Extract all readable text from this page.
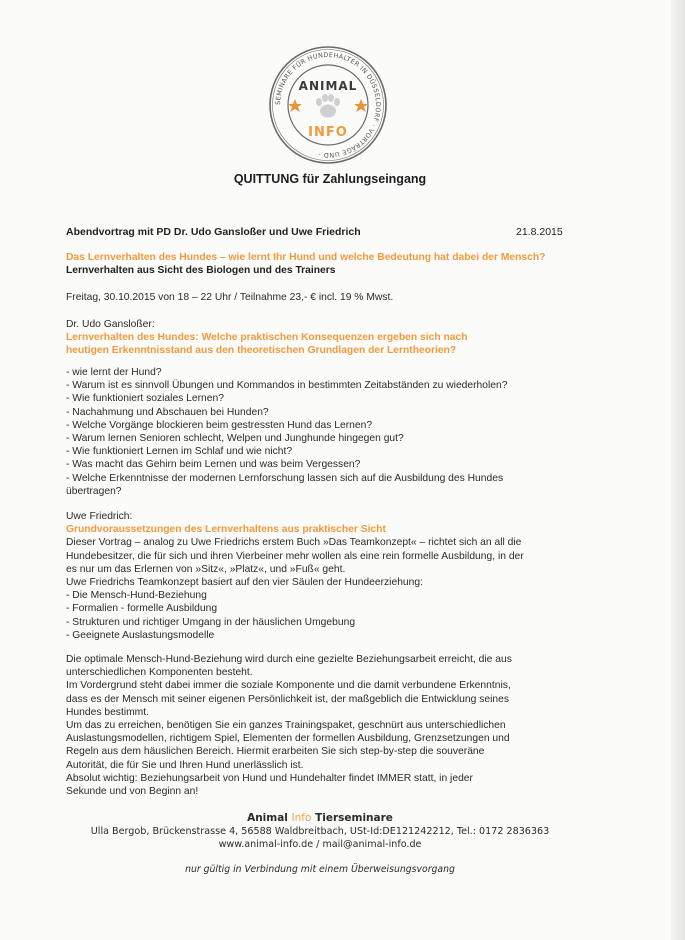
SEMINARE FÜR HUNDEHALTER IN DÜSSELDORF · VORTRÄGE UND ·
ANIMAL
INFO
QUITTUNG für Zahlungseingang
Abendvortrag mit PD Dr. Udo Gansloßer und Uwe Friedrich	21.8.2015
Das Lernverhalten des Hundes – wie lernt Ihr Hund und welche Bedeutung hat dabei der Mensch?
Lernverhalten aus Sicht des Biologen und des Trainers
Freitag, 30.10.2015 von 18 – 22 Uhr / Teilnahme 23,- € incl. 19 % Mwst.
Dr. Udo Gansloßer:
Lernverhalten des Hundes: Welche praktischen Konsequenzen ergeben sich nach
heutigen Erkenntnisstand aus den theoretischen Grundlagen der Lerntheorien?
- wie lernt der Hund?
- Warum ist es sinnvoll Übungen und Kommandos in bestimmten Zeitabständen zu wiederholen?
- Wie funktioniert soziales Lernen?
- Nachahmung und Abschauen bei Hunden?
- Welche Vorgänge blockieren beim gestressten Hund das Lernen?
- Warum lernen Senioren schlecht, Welpen und Junghunde hingegen gut?
- Wie funktioniert Lernen im Schlaf und wie nicht?
- Was macht das Gehirn beim Lernen und was beim Vergessen?
- Welche Erkenntnisse der modernen Lernforschung lassen sich auf die Ausbildung des Hundes
übertragen?
Uwe Friedrich:
Grundvoraussetzungen des Lernverhaltens aus praktischer Sicht
Dieser Vortrag – analog zu Uwe Friedrichs erstem Buch »Das Teamkonzept« – richtet sich an all die
Hundebesitzer, die für sich und ihren Vierbeiner mehr wollen als eine rein formelle Ausbildung, in der
es nur um das Erlernen von »Sitz«, »Platz«, und »Fuß« geht.
Uwe Friedrichs Teamkonzept basiert auf den vier Säulen der Hundeerziehung:
- Die Mensch-Hund-Beziehung
- Formalien - formelle Ausbildung
- Strukturen und richtiger Umgang in der häuslichen Umgebung
- Geeignete Auslastungsmodelle
Die optimale Mensch-Hund-Beziehung wird durch eine gezielte Beziehungsarbeit erreicht, die aus
unterschiedlichen Komponenten besteht.
Im Vordergrund steht dabei immer die soziale Komponente und die damit verbundene Erkenntnis,
dass es der Mensch mit seiner eigenen Persönlichkeit ist, der maßgeblich die Entwicklung seines
Hundes bestimmt.
Um das zu erreichen, benötigen Sie ein ganzes Trainingspaket, geschnürt aus unterschiedlichen
Auslastungsmodellen, richtigem Spiel, Elementen der formellen Ausbildung, Grenzsetzungen und
Regeln aus dem häuslichen Bereich. Hiermit erarbeiten Sie sich step-by-step die souveräne
Autorität, die für Sie und Ihren Hund unerlässlich ist.
Absolut wichtig: Beziehungsarbeit von Hund und Hundehalter findet IMMER statt, in jeder
Sekunde und von Beginn an!
Animal Info Tierseminare
Ulla Bergob, Brückenstrasse 4, 56588 Waldbreitbach, USt-Id:DE121242212, Tel.: 0172 2836363
www.animal-info.de / mail@animal-info.de
nur gültig in Verbindung mit einem Überweisungsvorgang
